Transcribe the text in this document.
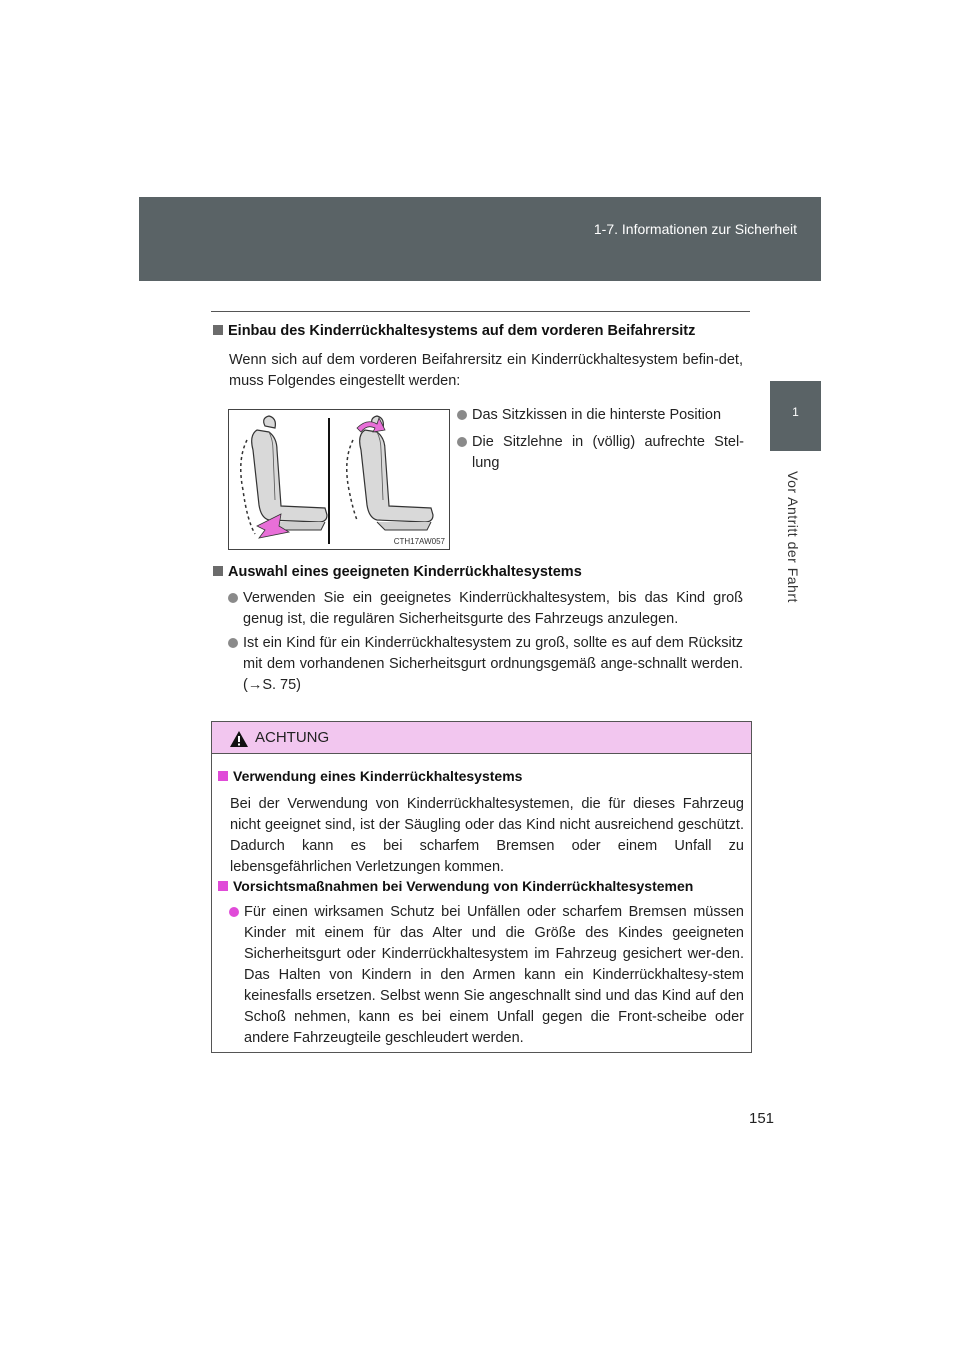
1-7. Informationen zur Sicherheit
1
Vor Antritt der Fahrt
Einbau des Kinderrückhaltesystems auf dem vorderen Beifahrersitz
Wenn sich auf dem vorderen Beifahrersitz ein Kinderrückhaltesystem befin-det, muss Folgendes eingestellt werden:
CTH17AW057
Das Sitzkissen in die hinterste Position
Die Sitzlehne in (völlig) aufrechte Stel-lung
Auswahl eines geeigneten Kinderrückhaltesystems
Verwenden Sie ein geeignetes Kinderrückhaltesystem, bis das Kind groß genug ist, die regulären Sicherheitsgurte des Fahrzeugs anzulegen.
Ist ein Kind für ein Kinderrückhaltesystem zu groß, sollte es auf dem Rücksitz mit dem vorhandenen Sicherheitsgurt ordnungsgemäß ange-schnallt werden. (→S. 75)
ACHTUNG
Verwendung eines Kinderrückhaltesystems
Bei der Verwendung von Kinderrückhaltesystemen, die für dieses Fahrzeug nicht geeignet sind, ist der Säugling oder das Kind nicht ausreichend geschützt. Dadurch kann es bei scharfem Bremsen oder einem Unfall zu lebensgefährlichen Verletzungen kommen.
Vorsichtsmaßnahmen bei Verwendung von Kinderrückhaltesystemen
Für einen wirksamen Schutz bei Unfällen oder scharfem Bremsen müssen Kinder mit einem für das Alter und die Größe des Kindes geeigneten Sicherheitsgurt oder Kinderrückhaltesystem im Fahrzeug gesichert wer-den. Das Halten von Kindern in den Armen kann ein Kinderrückhaltesy-stem keinesfalls ersetzen. Selbst wenn Sie angeschnallt sind und das Kind auf den Schoß nehmen, kann es bei einem Unfall gegen die Front-scheibe oder andere Fahrzeugteile geschleudert werden.
151
